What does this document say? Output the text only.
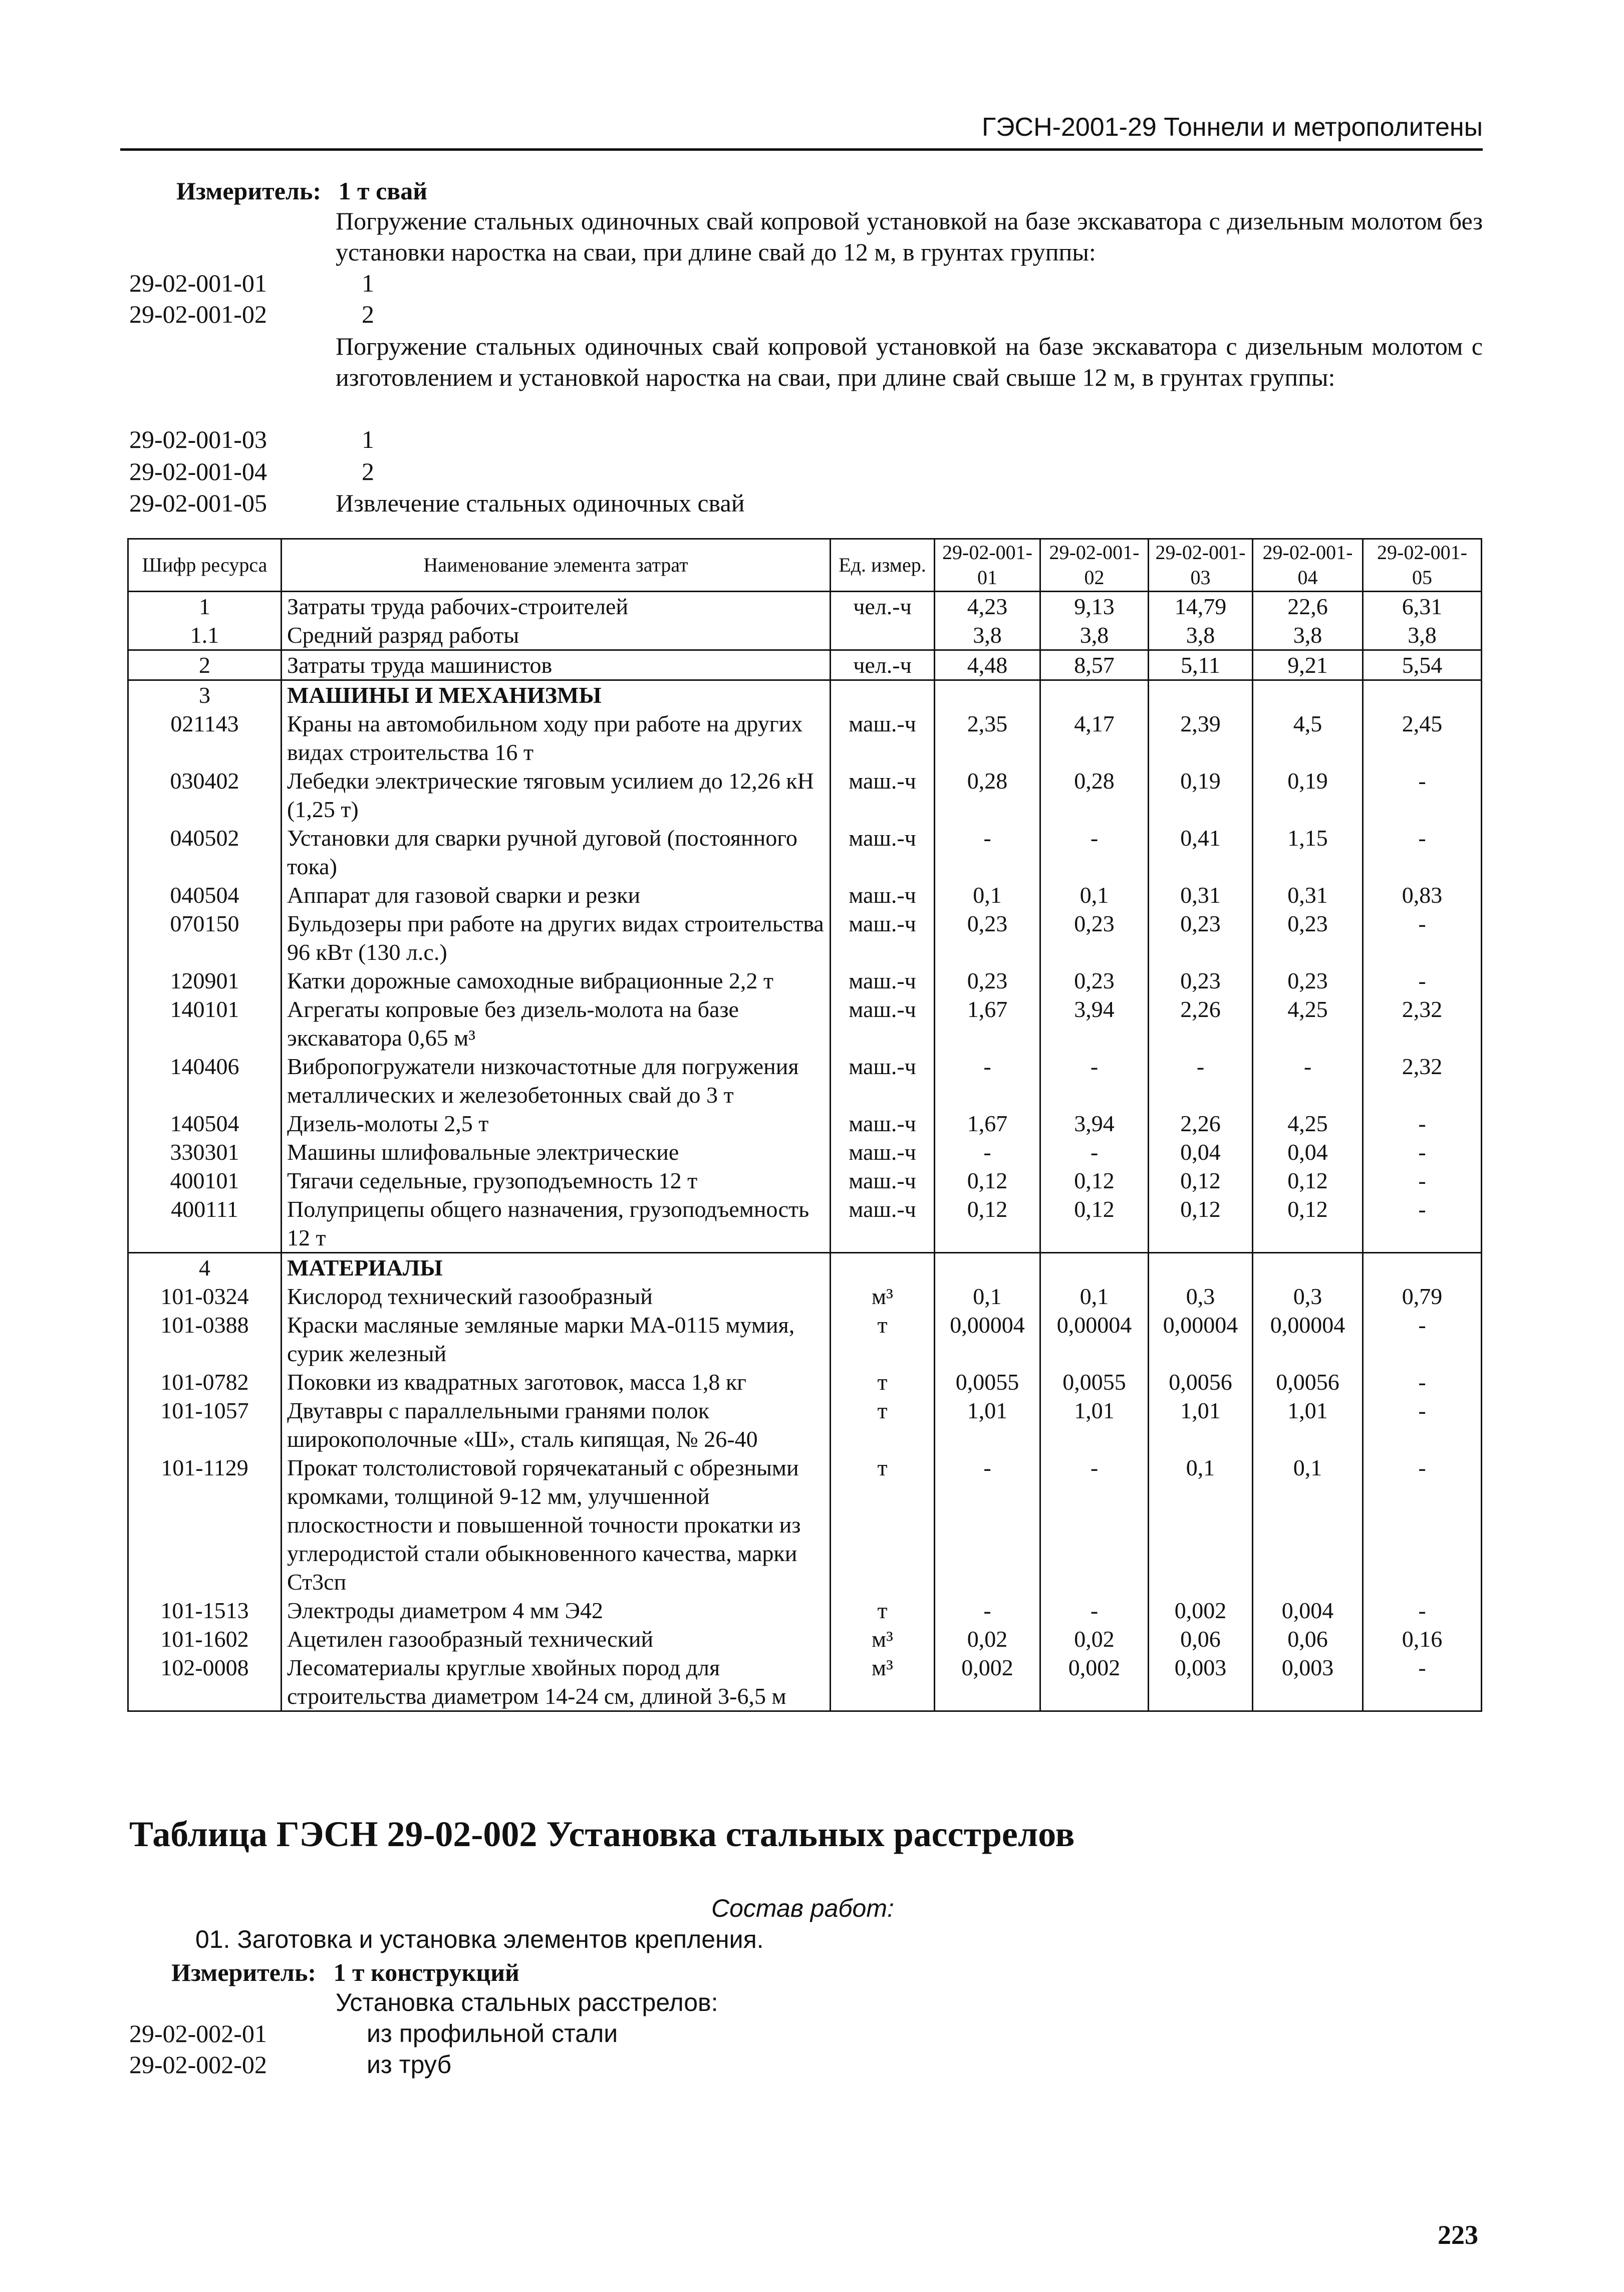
ГЭСН-2001-29 Тоннели и метрополитены
Измеритель: 1 т свай
Погружение стальных одиночных свай копровой установкой на базе экскаватора с дизельным молотом без установки наростка на сваи, при длине свай до 12 м, в грунтах группы:
29-02-001-01	1
29-02-001-02	2
Погружение стальных одиночных свай копровой установкой на базе экскаватора с дизельным молотом с изготовлением и установкой наростка на сваи, при длине свай свыше 12 м, в грунтах группы:
29-02-001-03	1
29-02-001-04	2
29-02-001-05	Извлечение стальных одиночных свай
Шифр ресурса	Наименование элемента затрат	Ед. измер.	29-02-001-01	29-02-001-02	29-02-001-03	29-02-001-04	29-02-001-05
1	Затраты труда рабочих-строителей	чел.-ч	4,23	9,13	14,79	22,6	6,31
1.1	Средний разряд работы		3,8	3,8	3,8	3,8	3,8
2	Затраты труда машинистов	чел.-ч	4,48	8,57	5,11	9,21	5,54
3	МАШИНЫ И МЕХАНИЗМЫ						
021143	Краны на автомобильном ходу при работе на других видах строительства 16 т	маш.-ч	2,35	4,17	2,39	4,5	2,45
030402	Лебедки электрические тяговым усилием до 12,26 кН (1,25 т)	маш.-ч	0,28	0,28	0,19	0,19	-
040502	Установки для сварки ручной дуговой (постоянного тока)	маш.-ч	-	-	0,41	1,15	-
040504	Аппарат для газовой сварки и резки	маш.-ч	0,1	0,1	0,31	0,31	0,83
070150	Бульдозеры при работе на других видах строительства 96 кВт (130 л.с.)	маш.-ч	0,23	0,23	0,23	0,23	-
120901	Катки дорожные самоходные вибрационные 2,2 т	маш.-ч	0,23	0,23	0,23	0,23	-
140101	Агрегаты копровые без дизель-молота на базе экскаватора 0,65 м³	маш.-ч	1,67	3,94	2,26	4,25	2,32
140406	Вибропогружатели низкочастотные для погружения металлических и железобетонных свай до 3 т	маш.-ч	-	-	-	-	2,32
140504	Дизель-молоты 2,5 т	маш.-ч	1,67	3,94	2,26	4,25	-
330301	Машины шлифовальные электрические	маш.-ч	-	-	0,04	0,04	-
400101	Тягачи седельные, грузоподъемность 12 т	маш.-ч	0,12	0,12	0,12	0,12	-
400111	Полуприцепы общего назначения, грузоподъемность 12 т	маш.-ч	0,12	0,12	0,12	0,12	-
4	МАТЕРИАЛЫ						
101-0324	Кислород технический газообразный	м³	0,1	0,1	0,3	0,3	0,79
101-0388	Краски масляные земляные марки МА-0115 мумия, сурик железный	т	0,00004	0,00004	0,00004	0,00004	-
101-0782	Поковки из квадратных заготовок, масса 1,8 кг	т	0,0055	0,0055	0,0056	0,0056	-
101-1057	Двутавры с параллельными гранями полок широкополочные «Ш», сталь кипящая, № 26-40	т	1,01	1,01	1,01	1,01	-
101-1129	Прокат толстолистовой горячекатаный с обрезными кромками, толщиной 9-12 мм, улучшенной плоскостности и повышенной точности прокатки из углеродистой стали обыкновенного качества, марки Ст3сп	т	-	-	0,1	0,1	-
101-1513	Электроды диаметром 4 мм Э42	т	-	-	0,002	0,004	-
101-1602	Ацетилен газообразный технический	м³	0,02	0,02	0,06	0,06	0,16
102-0008	Лесоматериалы круглые хвойных пород для строительства диаметром 14-24 см, длиной 3-6,5 м	м³	0,002	0,002	0,003	0,003	-
Таблица ГЭСН 29-02-002 Установка стальных расстрелов
Состав работ:
01. Заготовка и установка элементов крепления.
Измеритель: 1 т конструкций
Установка стальных расстрелов:
29-02-002-01	из профильной стали
29-02-002-02	из труб
223
